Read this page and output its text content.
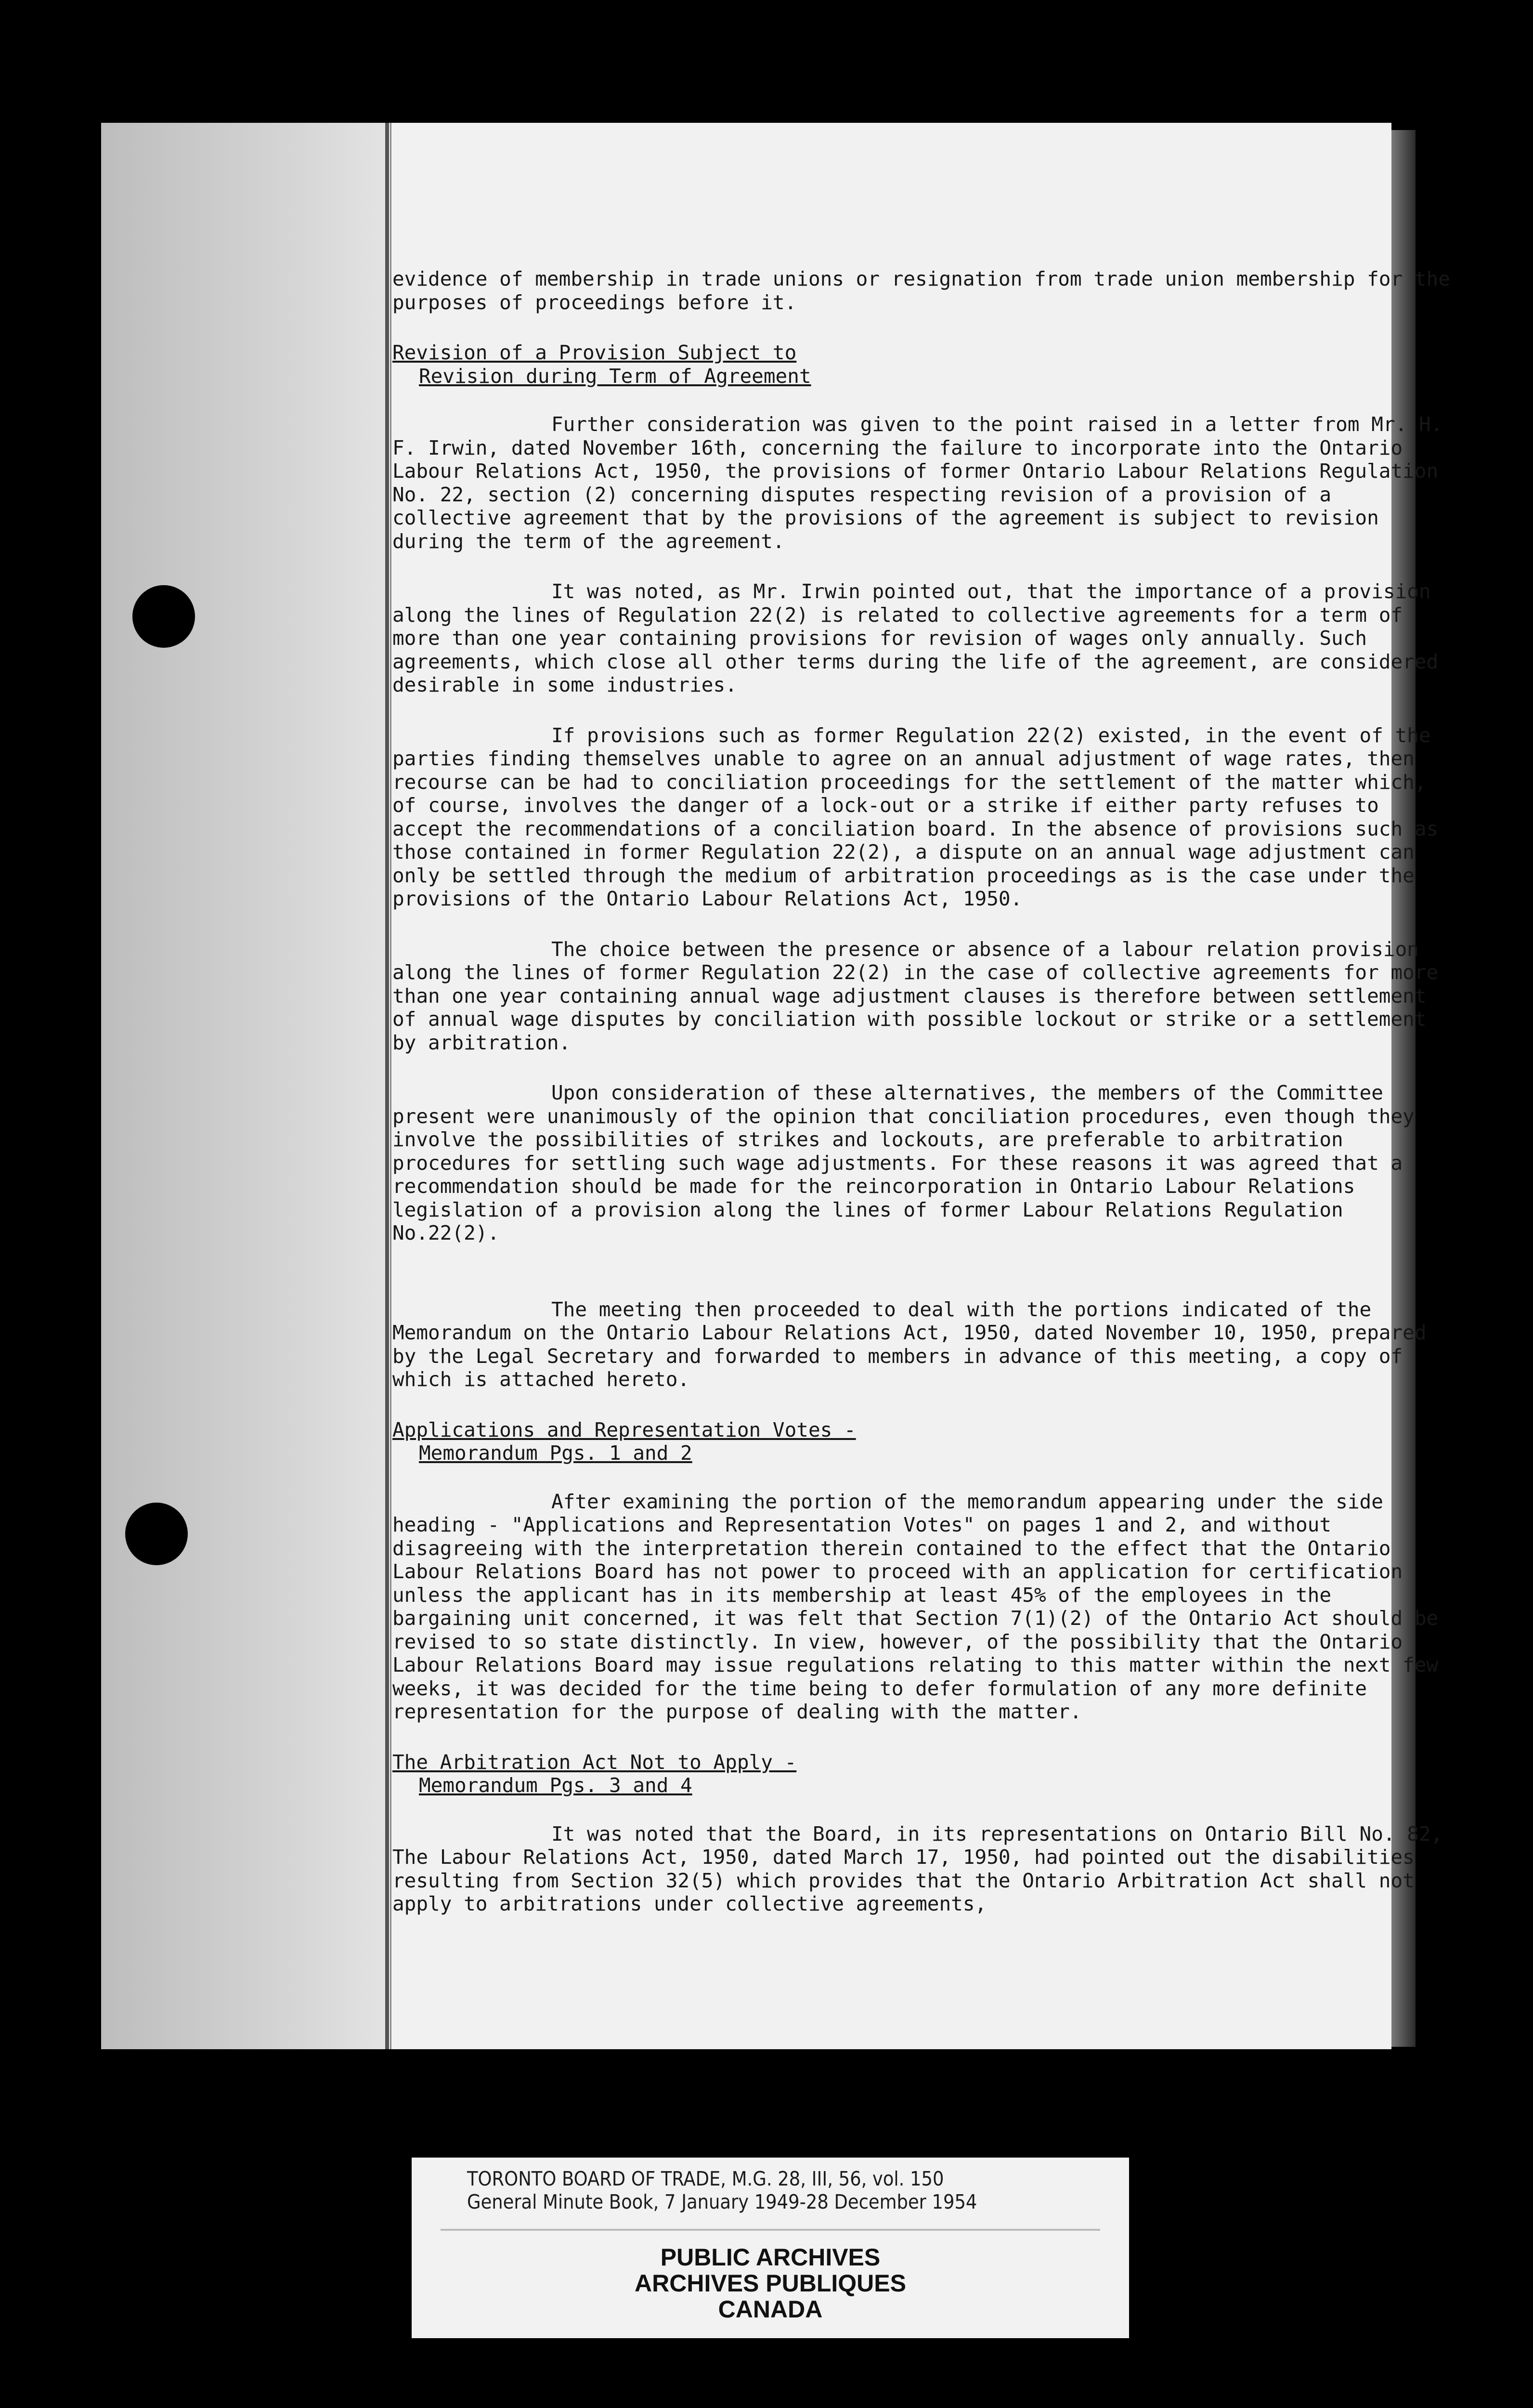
evidence of membership in trade unions or resignation from trade union membership for the purposes of proceedings before it.

Revision of a Provision Subject to
Revision during Term of Agreement

Further consideration was given to the point raised in a letter from Mr. H. F. Irwin, dated November 16th, concerning the failure to incorporate into the Ontario Labour Relations Act, 1950, the provisions of former Ontario Labour Relations Regulation No. 22, section (2) concerning disputes respecting revision of a provision of a collective agreement that by the provisions of the agreement is subject to revision during the term of the agreement.

It was noted, as Mr. Irwin pointed out, that the importance of a provision along the lines of Regulation 22(2) is related to collective agreements for a term of more than one year containing provisions for revision of wages only annually. Such agreements, which close all other terms during the life of the agreement, are considered desirable in some industries.

If provisions such as former Regulation 22(2) existed, in the event of the parties finding themselves unable to agree on an annual adjustment of wage rates, then recourse can be had to conciliation proceedings for the settlement of the matter which, of course, involves the danger of a lock-out or a strike if either party refuses to accept the recommendations of a conciliation board. In the absence of provisions such as those contained in former Regulation 22(2), a dispute on an annual wage adjustment can only be settled through the medium of arbitration proceedings as is the case under the provisions of the Ontario Labour Relations Act, 1950.

The choice between the presence or absence of a labour relation provision along the lines of former Regulation 22(2) in the case of collective agreements for more than one year containing annual wage adjustment clauses is therefore between settlement of annual wage disputes by conciliation with possible lockout or strike or a settlement by arbitration.

Upon consideration of these alternatives, the members of the Committee present were unanimously of the opinion that conciliation procedures, even though they involve the possibilities of strikes and lockouts, are preferable to arbitration procedures for settling such wage adjustments. For these reasons it was agreed that a recommendation should be made for the reincorporation in Ontario Labour Relations legislation of a provision along the lines of former Labour Relations Regulation No.22(2).

The meeting then proceeded to deal with the portions indicated of the Memorandum on the Ontario Labour Relations Act, 1950, dated November 10, 1950, prepared by the Legal Secretary and forwarded to members in advance of this meeting, a copy of which is attached hereto.

Applications and Representation Votes -
Memorandum Pgs. 1 and 2

After examining the portion of the memorandum appearing under the side heading - "Applications and Representation Votes" on pages 1 and 2, and without disagreeing with the interpretation therein contained to the effect that the Ontario Labour Relations Board has not power to proceed with an application for certification unless the applicant has in its membership at least 45% of the employees in the bargaining unit concerned, it was felt that Section 7(1)(2) of the Ontario Act should be revised to so state distinctly. In view, however, of the possibility that the Ontario Labour Relations Board may issue regulations relating to this matter within the next few weeks, it was decided for the time being to defer formulation of any more definite representation for the purpose of dealing with the matter.

The Arbitration Act Not to Apply -
Memorandum Pgs. 3 and 4

It was noted that the Board, in its representations on Ontario Bill No. 82, The Labour Relations Act, 1950, dated March 17, 1950, had pointed out the disabilities resulting from Section 32(5) which provides that the Ontario Arbitration Act shall not apply to arbitrations under collective agreements,

TORONTO BOARD OF TRADE, M.G. 28, III, 56, vol. 150
General Minute Book, 7 January 1949-28 December 1954
PUBLIC ARCHIVES
ARCHIVES PUBLIQUES
CANADA
